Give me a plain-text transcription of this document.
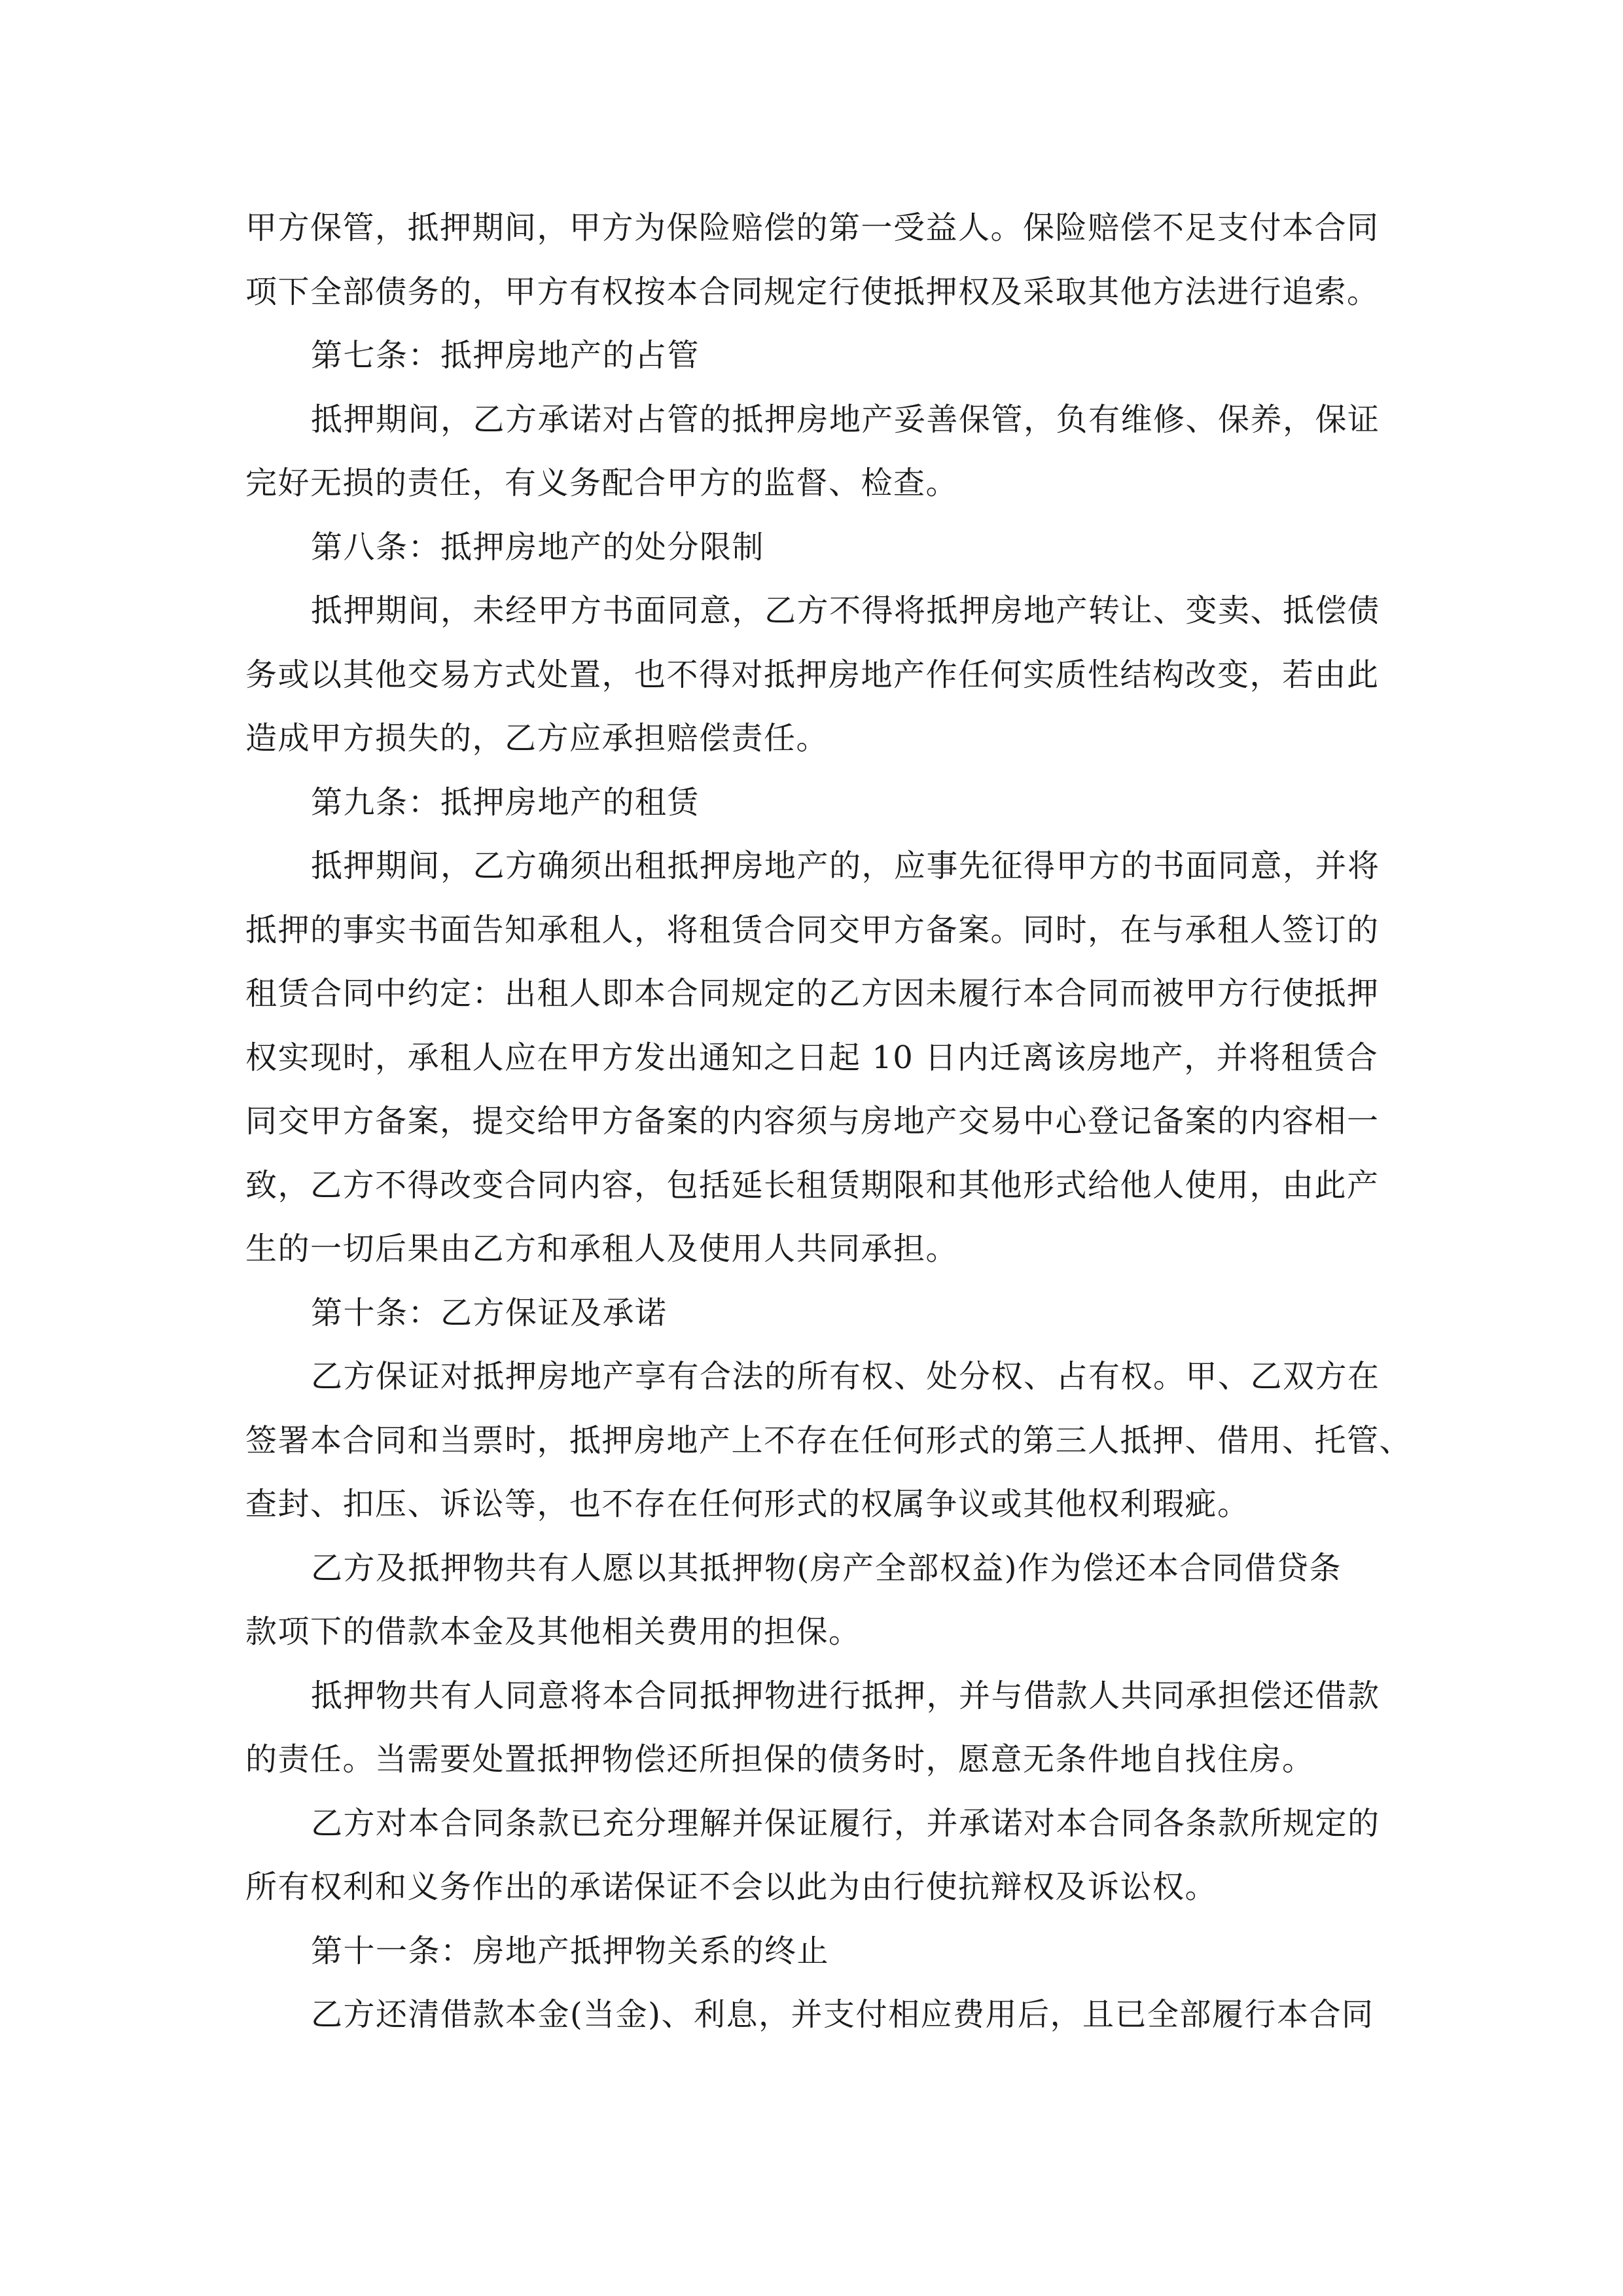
甲方保管，抵押期间，甲方为保险赔偿的第一受益人。保险赔偿不足支付本合同
项下全部债务的，甲方有权按本合同规定行使抵押权及采取其他方法进行追索。
第七条：抵押房地产的占管
抵押期间，乙方承诺对占管的抵押房地产妥善保管，负有维修、保养，保证
完好无损的责任，有义务配合甲方的监督、检查。
第八条：抵押房地产的处分限制
抵押期间，未经甲方书面同意，乙方不得将抵押房地产转让、变卖、抵偿债
务或以其他交易方式处置，也不得对抵押房地产作任何实质性结构改变，若由此
造成甲方损失的，乙方应承担赔偿责任。
第九条：抵押房地产的租赁
抵押期间，乙方确须出租抵押房地产的，应事先征得甲方的书面同意，并将
抵押的事实书面告知承租人，将租赁合同交甲方备案。同时，在与承租人签订的
租赁合同中约定：出租人即本合同规定的乙方因未履行本合同而被甲方行使抵押
权实现时，承租人应在甲方发出通知之日起 10 日内迁离该房地产，并将租赁合
同交甲方备案，提交给甲方备案的内容须与房地产交易中心登记备案的内容相一
致，乙方不得改变合同内容，包括延长租赁期限和其他形式给他人使用，由此产
生的一切后果由乙方和承租人及使用人共同承担。
第十条：乙方保证及承诺
乙方保证对抵押房地产享有合法的所有权、处分权、占有权。甲、乙双方在
签署本合同和当票时，抵押房地产上不存在任何形式的第三人抵押、借用、托管、
查封、扣压、诉讼等，也不存在任何形式的权属争议或其他权利瑕疵。
乙方及抵押物共有人愿以其抵押物(房产全部权益)作为偿还本合同借贷条
款项下的借款本金及其他相关费用的担保。
抵押物共有人同意将本合同抵押物进行抵押，并与借款人共同承担偿还借款
的责任。当需要处置抵押物偿还所担保的债务时，愿意无条件地自找住房。
乙方对本合同条款已充分理解并保证履行，并承诺对本合同各条款所规定的
所有权利和义务作出的承诺保证不会以此为由行使抗辩权及诉讼权。
第十一条：房地产抵押物关系的终止
乙方还清借款本金(当金)、利息，并支付相应费用后，且已全部履行本合同
